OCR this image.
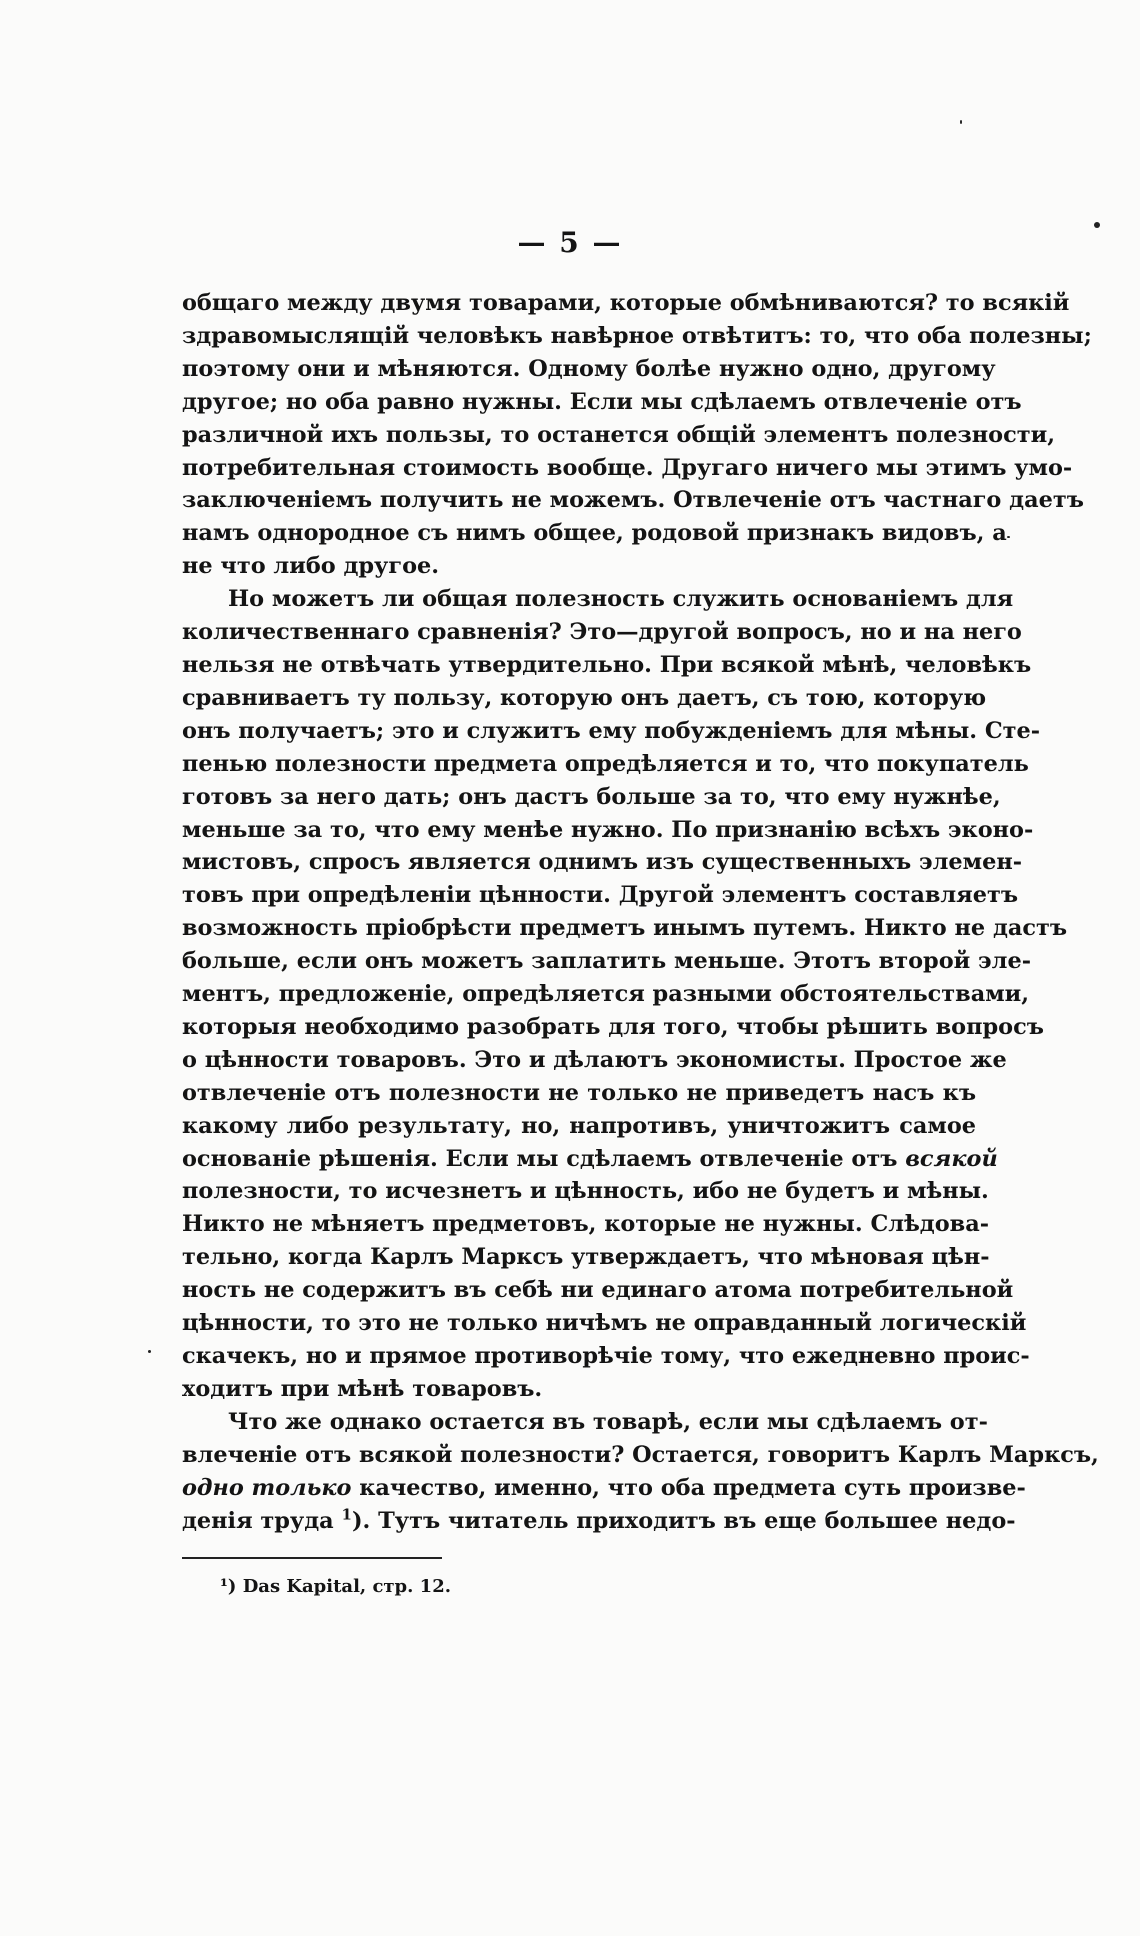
— 5 —

общаго между двумя товарами, которые обмѣниваются? то всякій
здравомыслящій человѣкъ навѣрное отвѣтитъ: то, что оба полезны;
поэтому они и мѣняются. Одному болѣе нужно одно, другому
другое; но оба равно нужны. Если мы сдѣлаемъ отвлеченіе отъ
различной ихъ пользы, то останется общій элементъ полезности,
потребительная стоимость вообще. Другаго ничего мы этимъ умо-
заключеніемъ получить не можемъ. Отвлеченіе отъ частнаго даетъ
намъ однородное съ нимъ общее, родовой признакъ видовъ, а
не что либо другое.

Но можетъ ли общая полезность служить основаніемъ для
количественнаго сравненія? Это—другой вопросъ, но и на него
нельзя не отвѣчать утвердительно. При всякой мѣнѣ, человѣкъ
сравниваетъ ту пользу, которую онъ даетъ, съ тою, которую
онъ получаетъ; это и служитъ ему побужденіемъ для мѣны. Сте-
пенью полезности предмета опредѣляется и то, что покупатель
готовъ за него дать; онъ дастъ больше за то, что ему нужнѣе,
меньше за то, что ему менѣе нужно. По признанію всѣхъ эконо-
мистовъ, спросъ является однимъ изъ существенныхъ элемен-
товъ при опредѣленіи цѣнности. Другой элементъ составляетъ
возможность пріобрѣсти предметъ инымъ путемъ. Никто не дастъ
больше, если онъ можетъ заплатить меньше. Этотъ второй эле-
ментъ, предложеніе, опредѣляется разными обстоятельствами,
которыя необходимо разобрать для того, чтобы рѣшить вопросъ
о цѣнности товаровъ. Это и дѣлаютъ экономисты. Простое же
отвлеченіе отъ полезности не только не приведетъ насъ къ
какому либо результату, но, напротивъ, уничтожитъ самое
основаніе рѣшенія. Если мы сдѣлаемъ отвлеченіе отъ всякой
полезности, то исчезнетъ и цѣнность, ибо не будетъ и мѣны.
Никто не мѣняетъ предметовъ, которые не нужны. Слѣдова-
тельно, когда Карлъ Марксъ утверждаетъ, что мѣновая цѣн-
ность не содержитъ въ себѣ ни единаго атома потребительной
цѣнности, то это не только ничѣмъ не оправданный логическій
скачекъ, но и прямое противорѣчіе тому, что ежедневно проис-
ходитъ при мѣнѣ товаровъ.

Что же однако остается въ товарѣ, если мы сдѣлаемъ от-
влеченіе отъ всякой полезности? Остается, говоритъ Карлъ Марксъ,
одно только качество, именно, что оба предмета суть произве-
денія труда $^1$). Тутъ читатель приходитъ въ еще большее недо-

¹) Das Kapital, стр. 12.
